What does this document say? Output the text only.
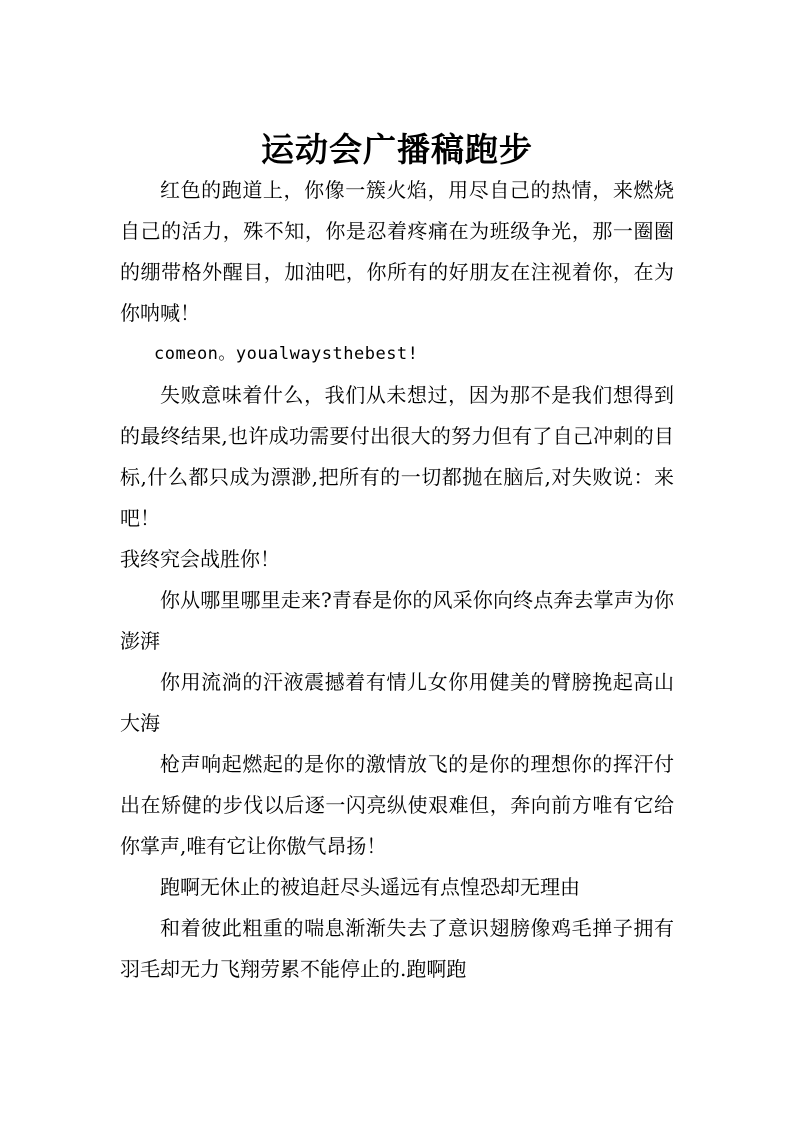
运动会广播稿跑步

红色的跑道上，你像一簇火焰，用尽自己的热情，来燃烧自己的活力，殊不知，你是忍着疼痛在为班级争光，那一圈圈的绷带格外醒目，加油吧，你所有的好朋友在注视着你，在为你呐喊！

comeon。youalwaysthebest!

失败意味着什么，我们从未想过，因为那不是我们想得到的最终结果,也许成功需要付出很大的努力但有了自己冲刺的目标,什么都只成为漂渺,把所有的一切都抛在脑后,对失败说：来吧！

我终究会战胜你！

你从哪里哪里走来?青春是你的风采你向终点奔去掌声为你澎湃

你用流淌的汗液震撼着有情儿女你用健美的臂膀挽起高山大海

枪声响起燃起的是你的激情放飞的是你的理想你的挥汗付出在矫健的步伐以后逐一闪亮纵使艰难但，奔向前方唯有它给你掌声,唯有它让你傲气昂扬！

跑啊无休止的被追赶尽头遥远有点惶恐却无理由

和着彼此粗重的喘息渐渐失去了意识翅膀像鸡毛掸子拥有羽毛却无力飞翔劳累不能停止的.跑啊跑
